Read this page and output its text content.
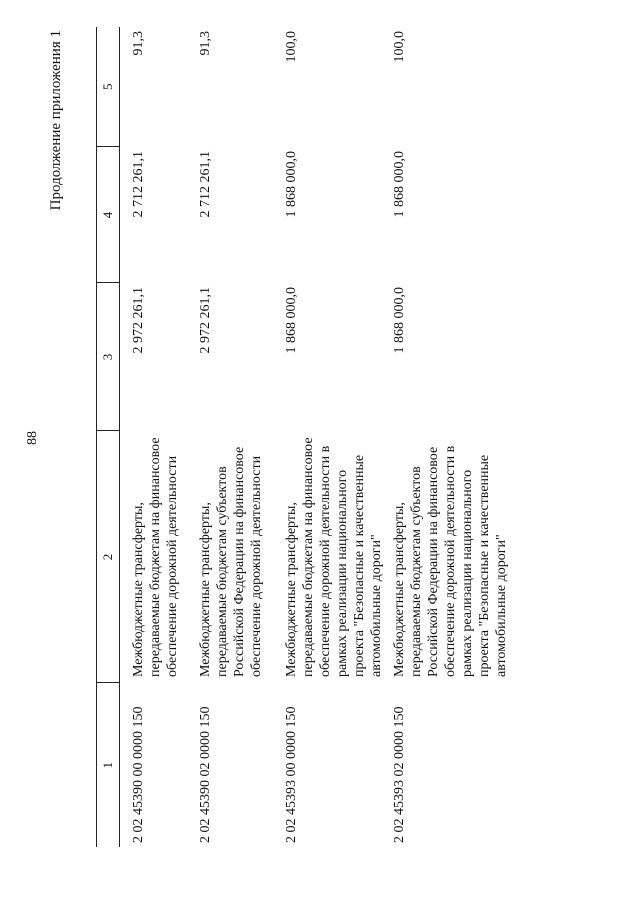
88
Продолжение приложения 1
1	2	3	4	5
2 02 45390 00 0000 150	Межбюджетные трансферты, передаваемые бюджетам на финансовое обеспечение дорожной деятельности	2 972 261,1	2 712 261,1	91,3
2 02 45390 02 0000 150	Межбюджетные трансферты, передаваемые бюджетам субъектов Российской Федерации на финансовое обеспечение дорожной деятельности	2 972 261,1	2 712 261,1	91,3
2 02 45393 00 0000 150	Межбюджетные трансферты, передаваемые бюджетам на финансовое обеспечение дорожной деятельности в рамках реализации национального проекта "Безопасные и качественные автомобильные дороги"	1 868 000,0	1 868 000,0	100,0
2 02 45393 02 0000 150	Межбюджетные трансферты, передаваемые бюджетам субъектов Российской Федерации на финансовое обеспечение дорожной деятельности в рамках реализации национального проекта "Безопасные и качественные автомобильные дороги"	1 868 000,0	1 868 000,0	100,0
